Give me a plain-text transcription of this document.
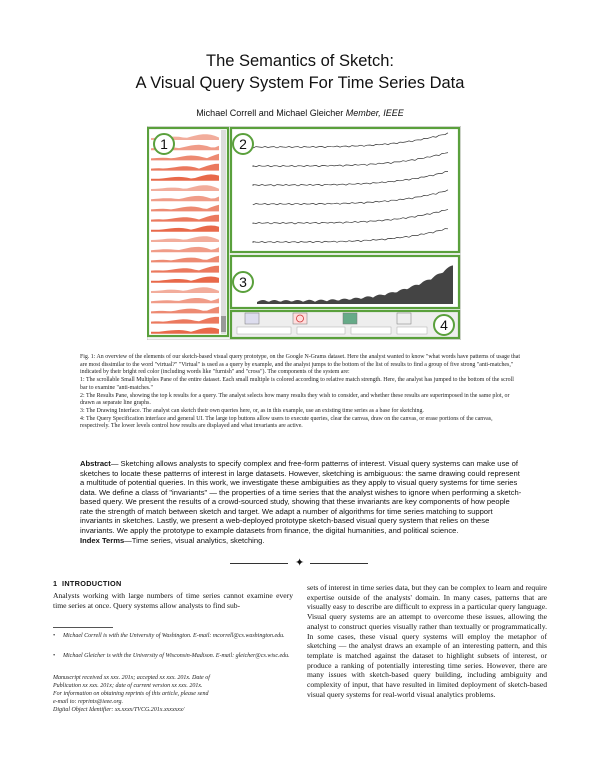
The Semantics of Sketch:
A Visual Query System For Time Series Data
Michael Correll and Michael Gleicher Member, IEEE
1	2
3
4

Fig. 1: An overview of the elements of our sketch-based visual query prototype, on the Google N-Grams dataset. Here the analyst wanted to know "what words have patterns of usage that are most dissimilar to the word "virtual?" "Virtual" is used as a query by example, and the analyst jumps to the bottom of the list of results to find a group of five strong "anti-matches," indicated by their bright red color (including words like "furnish" and "cross"). The components of the system are:

1: The scrollable Small Multiples Pane of the entire dataset. Each small multiple is colored according to relative match strength. Here, the analyst has jumped to the bottom of the scroll bar to examine "anti-matches."

2: The Results Pane, showing the top k results for a query. The analyst selects how many results they wish to consider, and whether these results are superimposed in the same plot, or drawn as separate line graphs.

3: The Drawing Interface. The analyst can sketch their own queries here, or, as in this example, use an existing time series as a base for sketching.

4: The Query Specification interface and general UI. The large top buttons allow users to execute queries, clear the canvas, draw on the canvas, or erase portions of the canvas, respectively. The lower levels control how results are displayed and what invariants are active.

Abstract— Sketching allows analysts to specify complex and free-form patterns of interest. Visual query systems can make use of sketches to locate these patterns of interest in large datasets. However, sketching is ambiguous: the same drawing could represent a multitude of potential queries. In this work, we investigate these ambiguities as they apply to visual query systems for time series data. We define a class of "invariants" — the properties of a time series that the analyst wishes to ignore when performing a sketch-based query. We present the results of a crowd-sourced study, showing that these invariants are key components of how people rate the strength of match between sketch and target. We adapt a number of algorithms for time series matching to support invariants in sketches. Lastly, we present a web-deployed prototype sketch-based visual query system that relies on these invariants. We apply the prototype to example datasets from finance, the digital humanities, and political science.
Index Terms—Time series, visual analytics, sketching.
✦
1 INTRODUCTION

Analysts working with large numbers of time series cannot examine every time series at once. Query systems allow analysts to find sub-

• Michael Correll is with the University of Washington. E-mail: mcorrell@cs.washington.edu.
• Michael Gleicher is with the University of Wisconsin-Madison. E-mail: gleicher@cs.wisc.edu.
Manuscript received xx xxx. 201x; accepted xx xxx. 201x. Date of
Publication xx xxx. 201x; date of current version xx xxx. 201x.
For information on obtaining reprints of this article, please send
e-mail to: reprints@ieee.org.
Digital Object Identifier: xx.xxxx/TVCG.201x.xxxxxxx/

sets of interest in time series data, but they can be complex to learn and require expertise outside of the analysts' domain. In many cases, patterns that are visually easy to describe are difficult to express in a particular query language. Visual query systems are an attempt to overcome these issues, allowing the analyst to construct queries visually rather than textually or programmatically. In some cases, these visual query systems will employ the metaphor of sketching — the analyst draws an example of an interesting pattern, and this template is matched against the dataset to highlight subsets of interest, or produce a ranking of potentially interesting time series. However, there are many issues with sketch-based query building, including ambiguity and complexity of input, that have resulted in limited deployment of sketch-based visual query systems for real-world visual analytics problems.
